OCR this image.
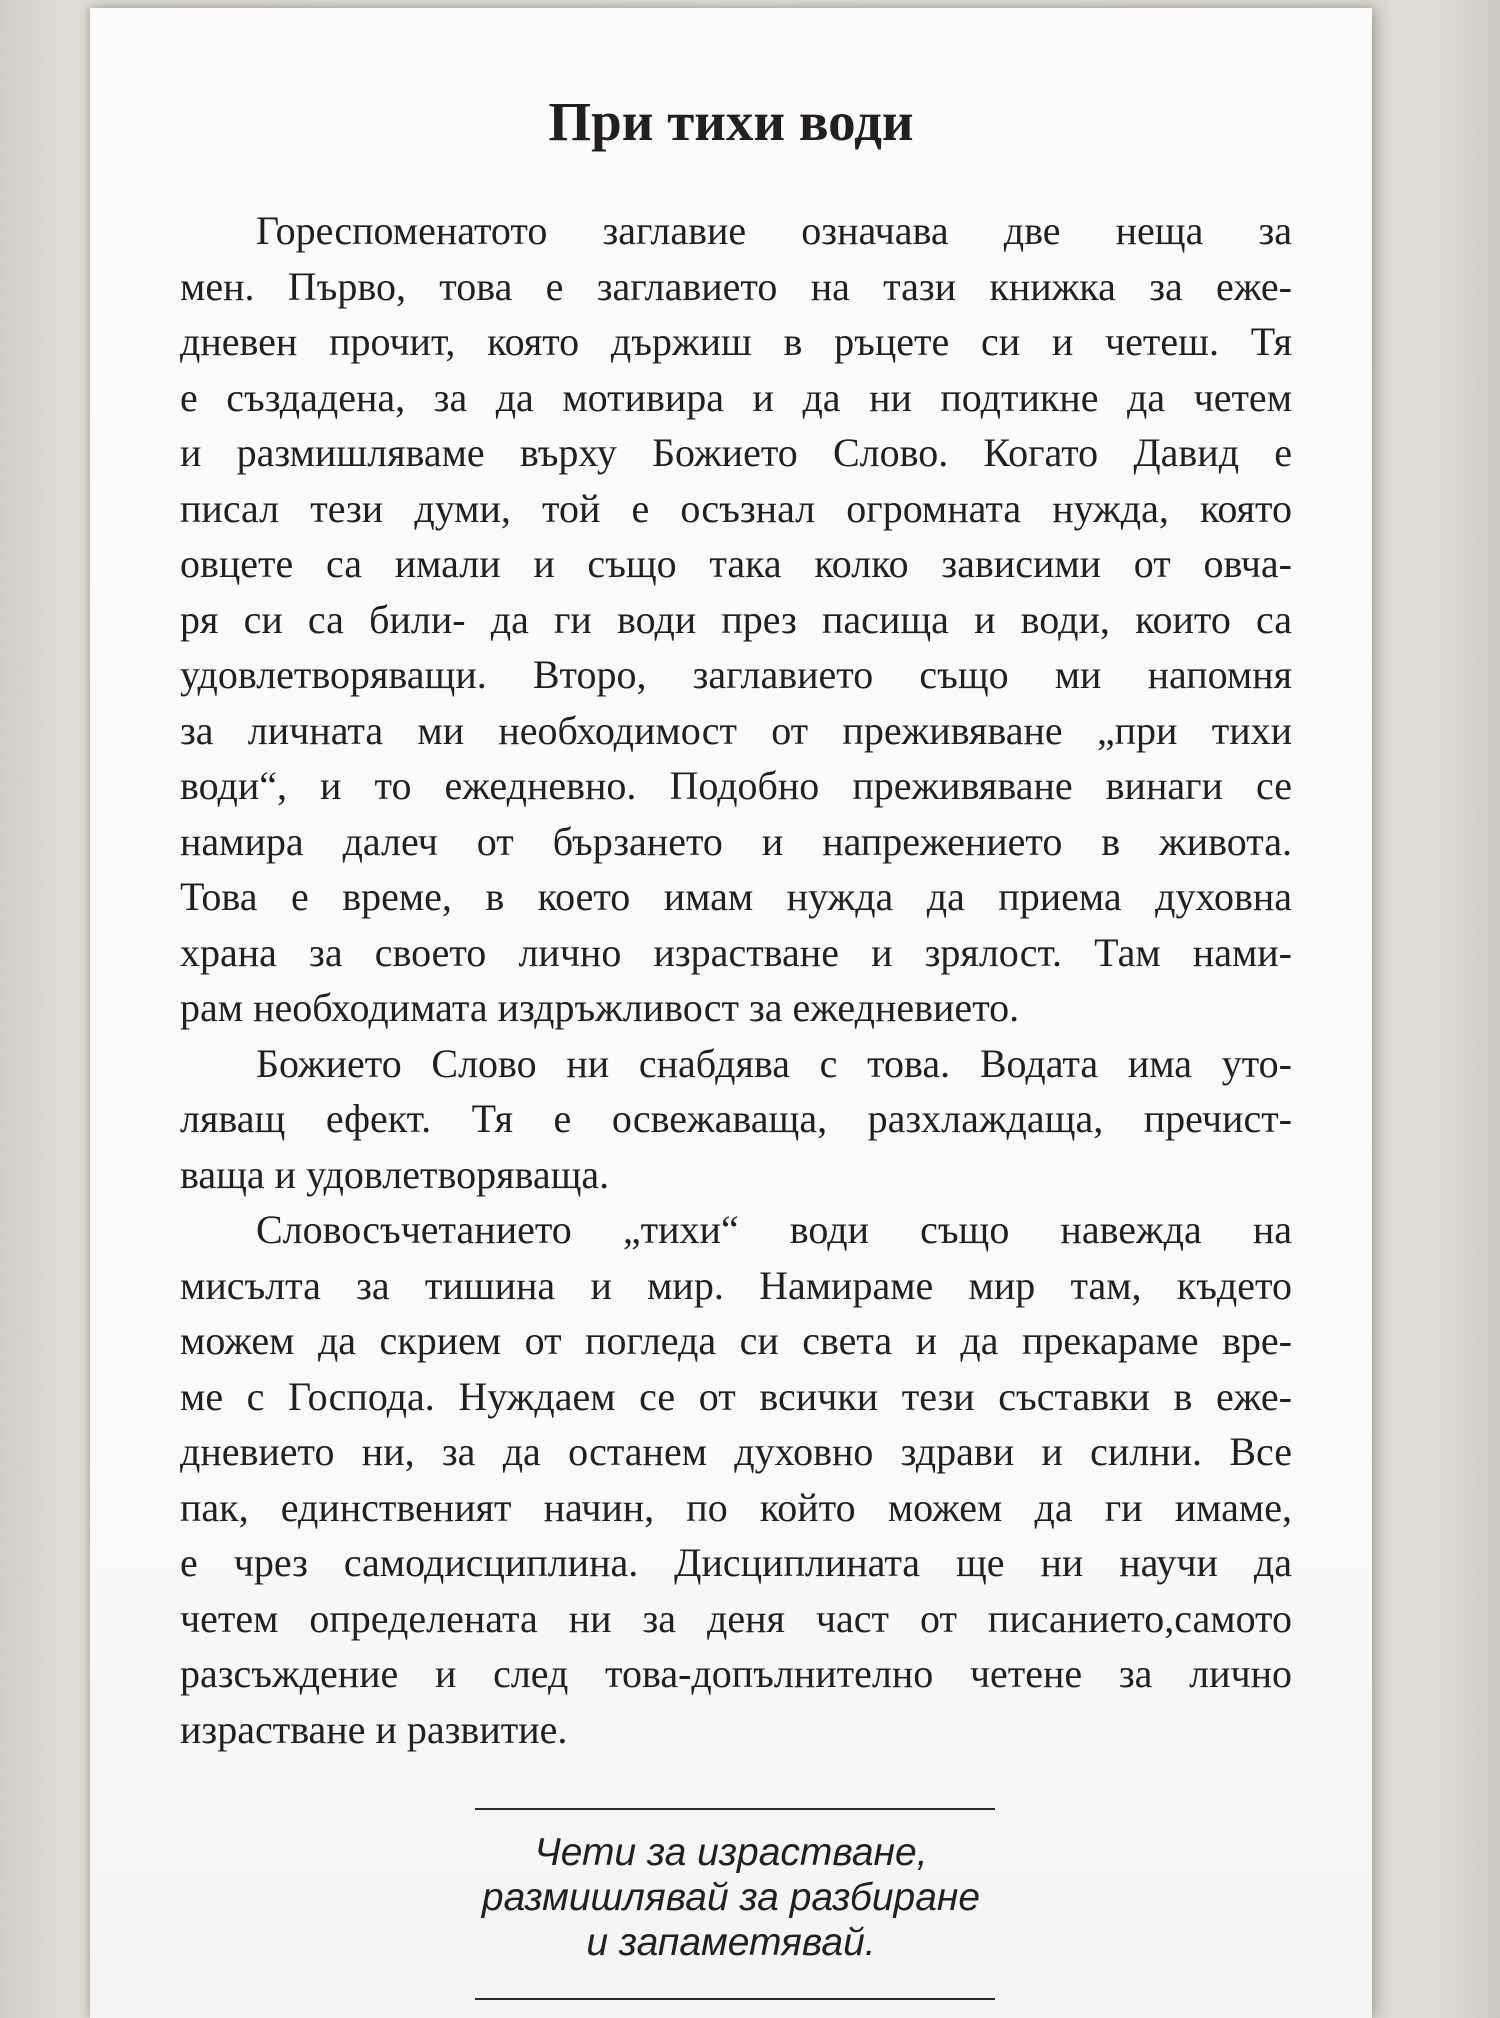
При тихи води
Гореспоменатото заглавие означава две неща за
мен. Първо, това е заглавието на тази книжка за еже-
дневен прочит, която държиш в ръцете си и четеш. Тя
е създадена, за да мотивира и да ни подтикне да четем
и размишляваме върху Божието Слово. Когато Давид е
писал тези думи, той е осъзнал огромната нужда, която
овцете са имали и също така колко зависими от овча-
ря си са били- да ги води през пасища и води, които са
удовлетворяващи. Второ, заглавието също ми напомня
за личната ми необходимост от преживяване „при тихи
води“, и то ежедневно. Подобно преживяване винаги се
намира далеч от бързането и напрежението в живота.
Това е време, в което имам нужда да приема духовна
храна за своето лично израстване и зрялост. Там нами-
рам необходимата издръжливост за ежедневието.
Божието Слово ни снабдява с това. Водата има уто-
ляващ ефект. Тя е освежаваща, разхлаждаща, пречист-
ваща и удовлетворяваща.
Словосъчетанието „тихи“ води също навежда на
мисълта за тишина и мир. Намираме мир там, където
можем да скрием от погледа си света и да прекараме вре-
ме с Господа. Нуждаем се от всички тези съставки в еже-
дневието ни, за да останем духовно здрави и силни. Все
пак, единственият начин, по който можем да ги имаме,
е чрез самодисциплина. Дисциплината ще ни научи да
четем определената ни за деня част от писанието,самото
разсъждение и след това-допълнително четене за лично
израстване и развитие.
Чети за израстване,
размишлявай за разбиране
и запаметявай.
